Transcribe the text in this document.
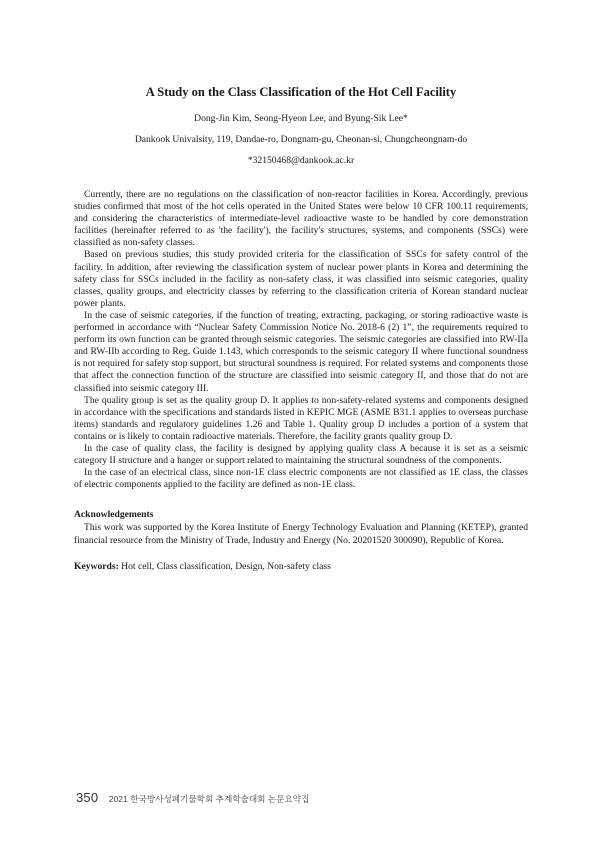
A Study on the Class Classification of the Hot Cell Facility

Dong-Jin Kim, Seong-Hyeon Lee, and Byung-Sik Lee*

Dankook Univalsity, 119, Dandae-ro, Dongnam-gu, Cheonan-si, Chungcheongnam-do

*32150468@dankook.ac.kr

Currently, there are no regulations on the classification of non-reactor facilities in Korea. Accordingly, previous studies confirmed that most of the hot cells operated in the United States were below 10 CFR 100.11 requirements, and considering the characteristics of intermediate-level radioactive waste to be handled by core demonstration facilities (hereinafter referred to as 'the facility'), the facility's structures, systems, and components (SSCs) were classified as non-safety classes.

Based on previous studies, this study provided criteria for the classification of SSCs for safety control of the facility. In addition, after reviewing the classification system of nuclear power plants in Korea and determining the safety class for SSCs included in the facility as non-safety class, it was classified into seismic categories, quality classes, quality groups, and electricity classes by referring to the classification criteria of Korean standard nuclear power plants.

In the case of seismic categories, if the function of treating, extracting, packaging, or storing radioactive waste is performed in accordance with “Nuclear Safety Commission Notice No. 2018-6 (2) 1”, the requirements required to perform its own function can be granted through seismic categories. The seismic categories are classified into RW-IIa and RW-IIb according to Reg. Guide 1.143, which corresponds to the seismic category II where functional soundness is not required for safety stop support, but structural soundness is required. For related systems and components those that affect the connection function of the structure are classified into seismic category II, and those that do not are classified into seismic category III.

The quality group is set as the quality group D. It applies to non-safety-related systems and components designed in accordance with the specifications and standards listed in KEPIC MGE (ASME B31.1 applies to overseas purchase items) standards and regulatory guidelines 1.26 and Table 1. Quality group D includes a portion of a system that contains or is likely to contain radioactive materials. Therefore, the facility grants quality group D.

In the case of quality class, the facility is designed by applying quality class A because it is set as a seismic category II structure and a hanger or support related to maintaining the structural soundness of the components.

In the case of an electrical class, since non-1E class electric components are not classified as 1E class, the classes of electric components applied to the facility are defined as non-1E class.

Acknowledgements

This work was supported by the Korea Institute of Energy Technology Evaluation and Planning (KETEP), granted financial resource from the Ministry of Trade, Industry and Energy (No. 20201520 300090), Republic of Korea.

Keywords: Hot cell, Class classification, Design, Non-safety class

350 2021 한국방사성폐기물학회 추계학술대회 논문요약집
